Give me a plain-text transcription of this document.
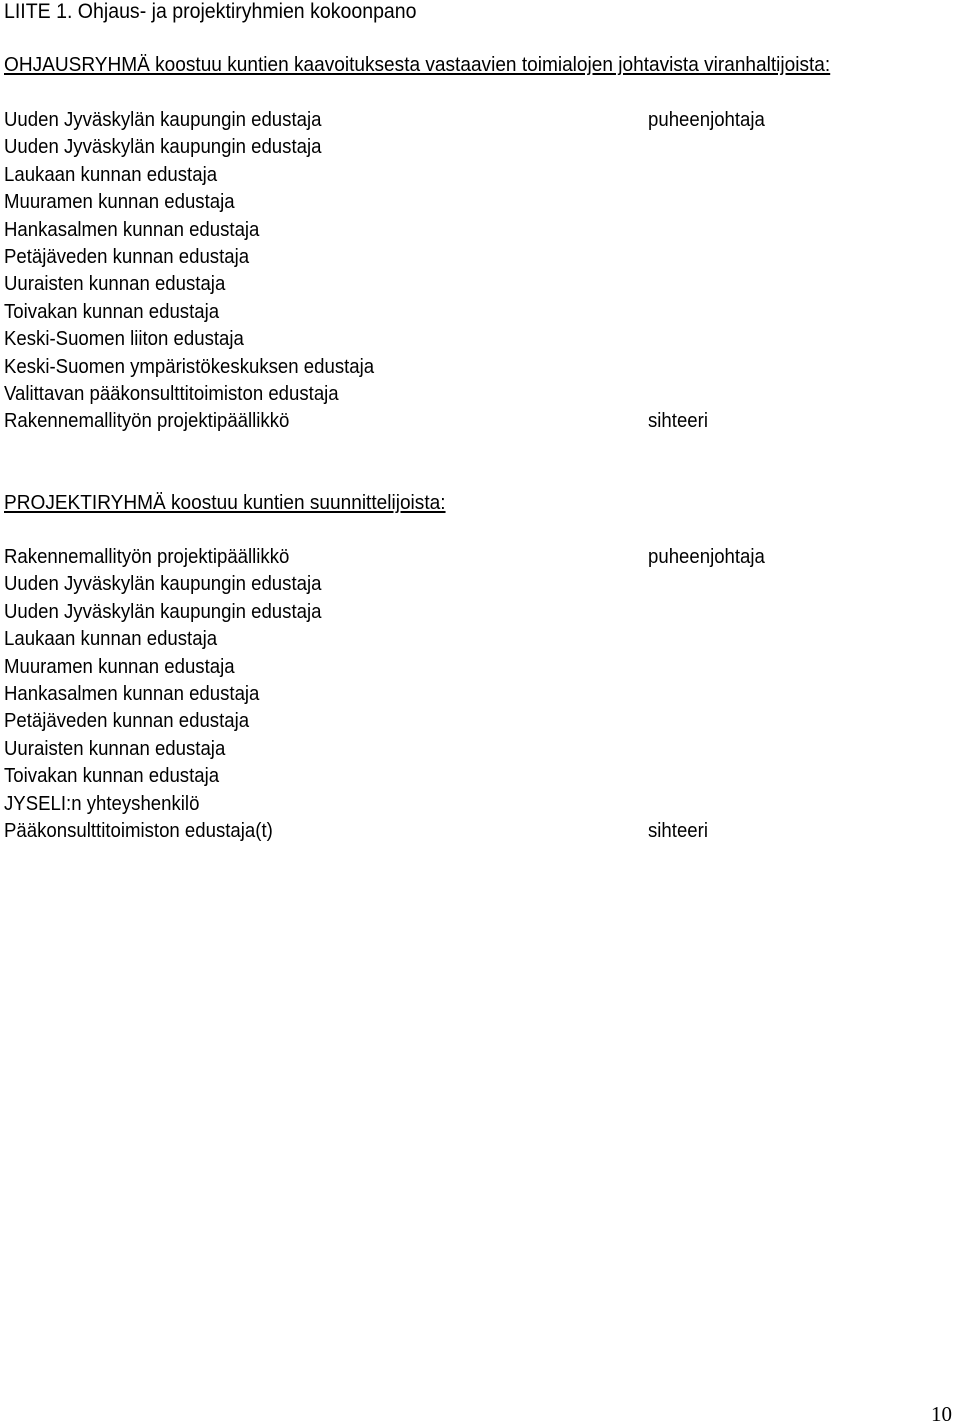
LIITE 1. Ohjaus- ja projektiryhmien kokoonpano
OHJAUSRYHMÄ koostuu kuntien kaavoituksesta vastaavien toimialojen johtavista viranhaltijoista:
Uuden Jyväskylän kaupungin edustaja	puheenjohtaja
Uuden Jyväskylän kaupungin edustaja
Laukaan kunnan edustaja
Muuramen kunnan edustaja
Hankasalmen kunnan edustaja
Petäjäveden kunnan edustaja
Uuraisten kunnan edustaja
Toivakan kunnan edustaja
Keski-Suomen liiton edustaja
Keski-Suomen ympäristökeskuksen edustaja
Valittavan pääkonsulttitoimiston edustaja
Rakennemallityön projektipäällikkö	sihteeri
PROJEKTIRYHMÄ koostuu kuntien suunnittelijoista:
Rakennemallityön projektipäällikkö	puheenjohtaja
Uuden Jyväskylän kaupungin edustaja
Uuden Jyväskylän kaupungin edustaja
Laukaan kunnan edustaja
Muuramen kunnan edustaja
Hankasalmen kunnan edustaja
Petäjäveden kunnan edustaja
Uuraisten kunnan edustaja
Toivakan kunnan edustaja
JYSELI:n yhteyshenkilö
Pääkonsulttitoimiston edustaja(t)	sihteeri
10
